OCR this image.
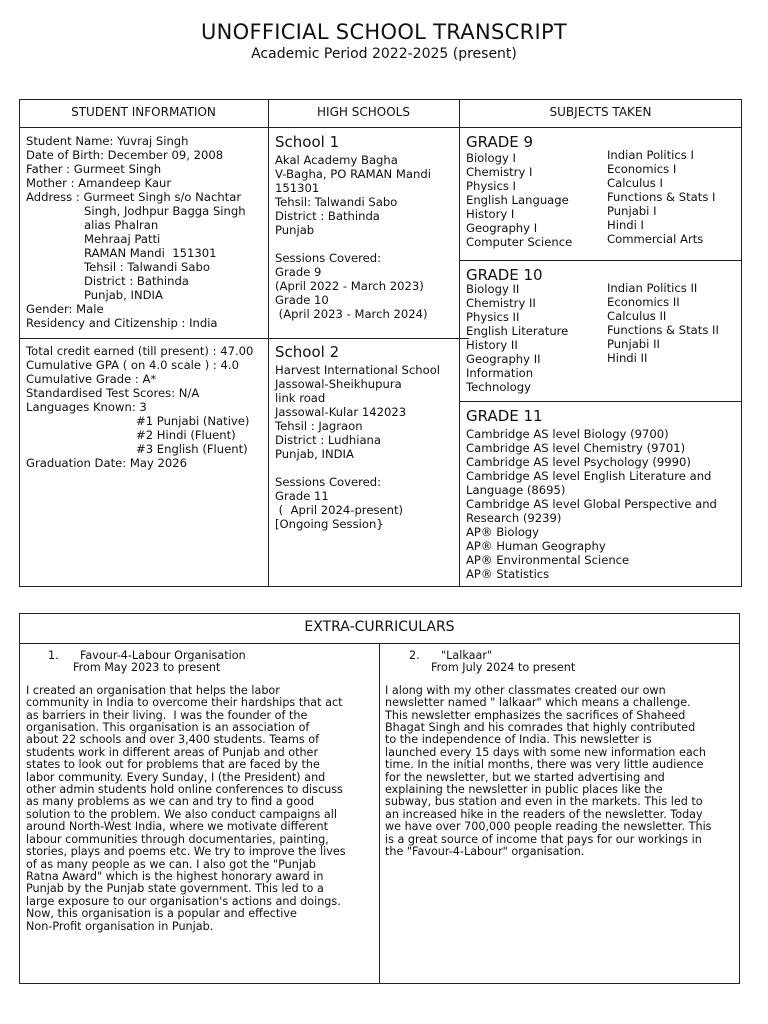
UNOFFICIAL SCHOOL TRANSCRIPT
Academic Period 2022-2025 (present)
STUDENT INFORMATION	HIGH SCHOOLS	SUBJECTS TAKEN
Student Name: Yuvraj Singh
Date of Birth: December 09, 2008
Father : Gurmeet Singh
Mother : Amandeep Kaur
Address : Gurmeet Singh s/o Nachtar
Singh, Jodhpur Bagga Singh
alias Phalran
Mehraaj Patti
RAMAN Mandi  151301
Tehsil : Talwandi Sabo
District : Bathinda
Punjab, INDIA
Gender: Male
Residency and Citizenship : India
Total credit earned (till present) : 47.00
Cumulative GPA ( on 4.0 scale ) : 4.0
Cumulative Grade : A*
Standardised Test Scores: N/A
Languages Known: 3
#1 Punjabi (Native)
#2 Hindi (Fluent)
#3 English (Fluent)
Graduation Date: May 2026
School 1
Akal Academy Bagha
V-Bagha, PO RAMAN Mandi
151301
Tehsil: Talwandi Sabo
District : Bathinda
Punjab
Sessions Covered:
Grade 9
(April 2022 - March 2023)
Grade 10
(April 2023 - March 2024)
School 2
Harvest International School
Jassowal-Sheikhupura
link road
Jassowal-Kular 142023
Tehsil : Jagraon
District : Ludhiana
Punjab, INDIA
Sessions Covered:
Grade 11
(  April 2024-present)
[Ongoing Session}
GRADE 9
Biology I
Chemistry I
Physics I
English Language
History I
Geography I
Computer Science
Indian Politics I
Economics I
Calculus I
Functions & Stats I
Punjabi I
Hindi I
Commercial Arts
GRADE 10
Biology II
Chemistry II
Physics II
English Literature
History II
Geography II
Information
Technology
Indian Politics II
Economics II
Calculus II
Functions & Stats II
Punjabi II
Hindi II
GRADE 11
Cambridge AS level Biology (9700)
Cambridge AS level Chemistry (9701)
Cambridge AS level Psychology (9990)
Cambridge AS level English Literature and
Language (8695)
Cambridge AS level Global Perspective and
Research (9239)
AP® Biology
AP® Human Geography
AP® Environmental Science
AP® Statistics
EXTRA-CURRICULARS
1.      Favour-4-Labour Organisation
From May 2023 to present
I created an organisation that helps the labor
community in India to overcome their hardships that act
as barriers in their living.  I was the founder of the
organisation. This organisation is an association of
about 22 schools and over 3,400 students. Teams of
students work in different areas of Punjab and other
states to look out for problems that are faced by the
labor community. Every Sunday, I (the President) and
other admin students hold online conferences to discuss
as many problems as we can and try to find a good
solution to the problem. We also conduct campaigns all
around North-West India, where we motivate different
labour communities through documentaries, painting,
stories, plays and poems etc. We try to improve the lives
of as many people as we can. I also got the "Punjab
Ratna Award" which is the highest honorary award in
Punjab by the Punjab state government. This led to a
large exposure to our organisation's actions and doings.
Now, this organisation is a popular and effective
Non-Profit organisation in Punjab.
2.      "Lalkaar"
From July 2024 to present
I along with my other classmates created our own
newsletter named " lalkaar" which means a challenge.
This newsletter emphasizes the sacrifices of Shaheed
Bhagat Singh and his comrades that highly contributed
to the independence of India. This newsletter is
launched every 15 days with some new information each
time. In the initial months, there was very little audience
for the newsletter, but we started advertising and
explaining the newsletter in public places like the
subway, bus station and even in the markets. This led to
an increased hike in the readers of the newsletter. Today
we have over 700,000 people reading the newsletter. This
is a great source of income that pays for our workings in
the "Favour-4-Labour" organisation.
